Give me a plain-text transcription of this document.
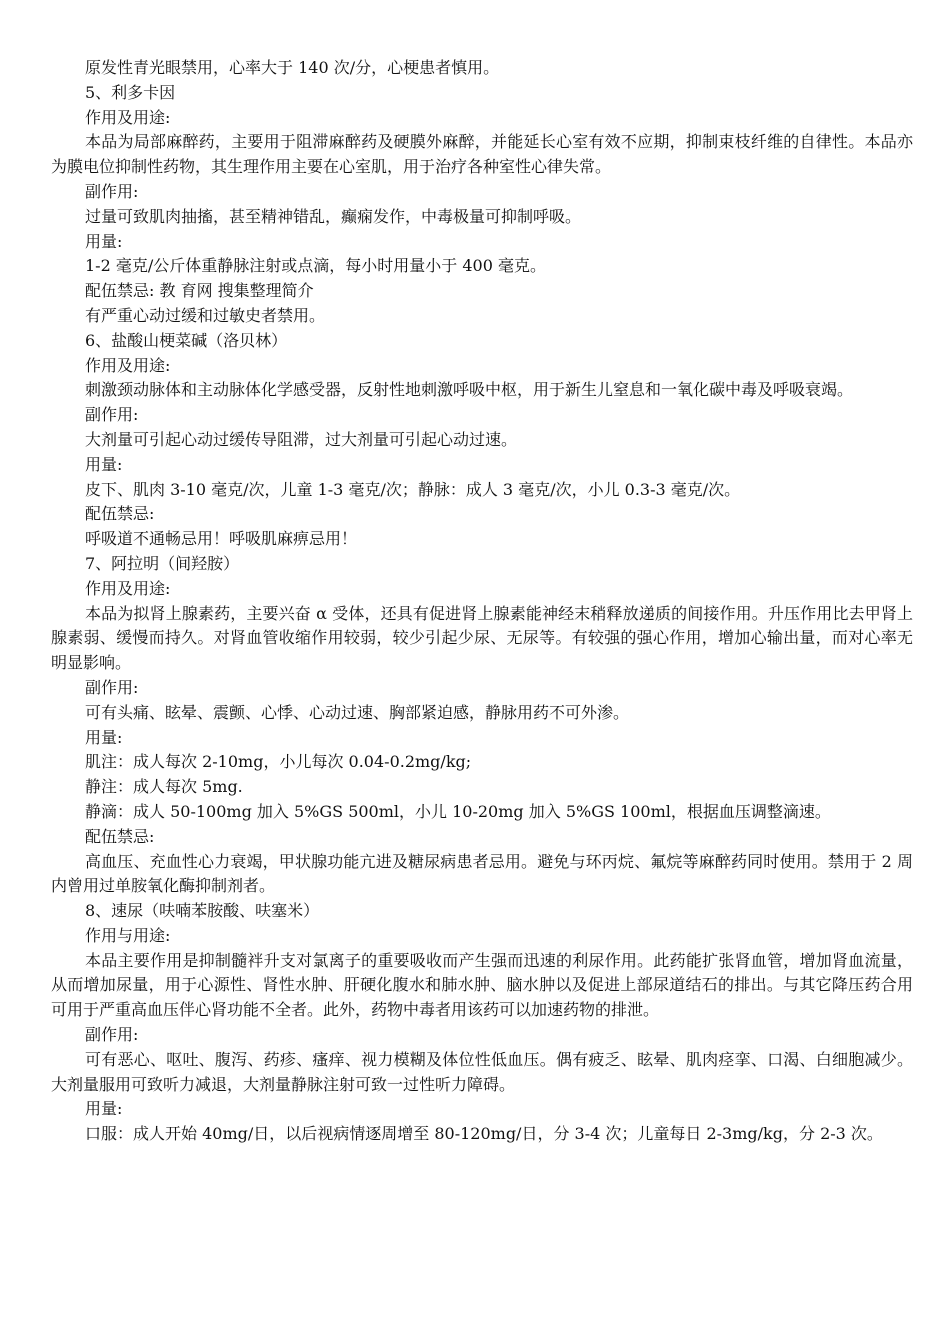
原发性青光眼禁用，心率大于 140 次/分，心梗患者慎用。

5、利多卡因

作用及用途:

本品为局部麻醉药，主要用于阻滞麻醉药及硬膜外麻醉，并能延长心室有效不应期，抑制束枝纤维的自律性。本品亦为膜电位抑制性药物，其生理作用主要在心室肌，用于治疗各种室性心律失常。

副作用:

过量可致肌肉抽搐，甚至精神错乱，癫痫发作，中毒极量可抑制呼吸。

用量:

1-2 毫克/公斤体重静脉注射或点滴，每小时用量小于 400 毫克。

配伍禁忌: 教 育网 搜集整理简介

有严重心动过缓和过敏史者禁用。

6、盐酸山梗菜碱（洛贝林）

作用及用途:

刺激颈动脉体和主动脉体化学感受器，反射性地刺激呼吸中枢，用于新生儿窒息和一氧化碳中毒及呼吸衰竭。

副作用:

大剂量可引起心动过缓传导阻滞，过大剂量可引起心动过速。

用量:

皮下、肌肉 3-10 毫克/次，儿童 1-3 毫克/次；静脉：成人 3 毫克/次，小儿 0.3-3 毫克/次。

配伍禁忌:

呼吸道不通畅忌用！呼吸肌麻痹忌用！

7、阿拉明（间羟胺）

作用及用途:

本品为拟肾上腺素药，主要兴奋 α 受体，还具有促进肾上腺素能神经末稍释放递质的间接作用。升压作用比去甲肾上腺素弱、缓慢而持久。对肾血管收缩作用较弱，较少引起少尿、无尿等。有较强的强心作用，增加心输出量，而对心率无明显影响。

副作用:

可有头痛、眩晕、震颤、心悸、心动过速、胸部紧迫感，静脉用药不可外渗。

用量:

肌注：成人每次 2-10mg，小儿每次 0.04-0.2mg/kg;

静注：成人每次 5mg.

静滴：成人 50-100mg 加入 5%GS 500ml，小儿 10-20mg 加入 5%GS 100ml，根据血压调整滴速。

配伍禁忌:

高血压、充血性心力衰竭，甲状腺功能亢进及糖尿病患者忌用。避免与环丙烷、氟烷等麻醉药同时使用。禁用于 2 周内曾用过单胺氧化酶抑制剂者。

8、速尿（呋喃苯胺酸、呋塞米）

作用与用途:

本品主要作用是抑制髓袢升支对氯离子的重要吸收而产生强而迅速的利尿作用。此药能扩张肾血管，增加肾血流量，从而增加尿量，用于心源性、肾性水肿、肝硬化腹水和肺水肿、脑水肿以及促进上部尿道结石的排出。与其它降压药合用可用于严重高血压伴心肾功能不全者。此外，药物中毒者用该药可以加速药物的排泄。

副作用:

可有恶心、呕吐、腹泻、药疹、瘙痒、视力模糊及体位性低血压。偶有疲乏、眩晕、肌肉痉挛、口渴、白细胞减少。大剂量服用可致听力减退，大剂量静脉注射可致一过性听力障碍。

用量:

口服：成人开始 40mg/日，以后视病情逐周增至 80-120mg/日，分 3-4 次；儿童每日 2-3mg/kg，分 2-3 次。
